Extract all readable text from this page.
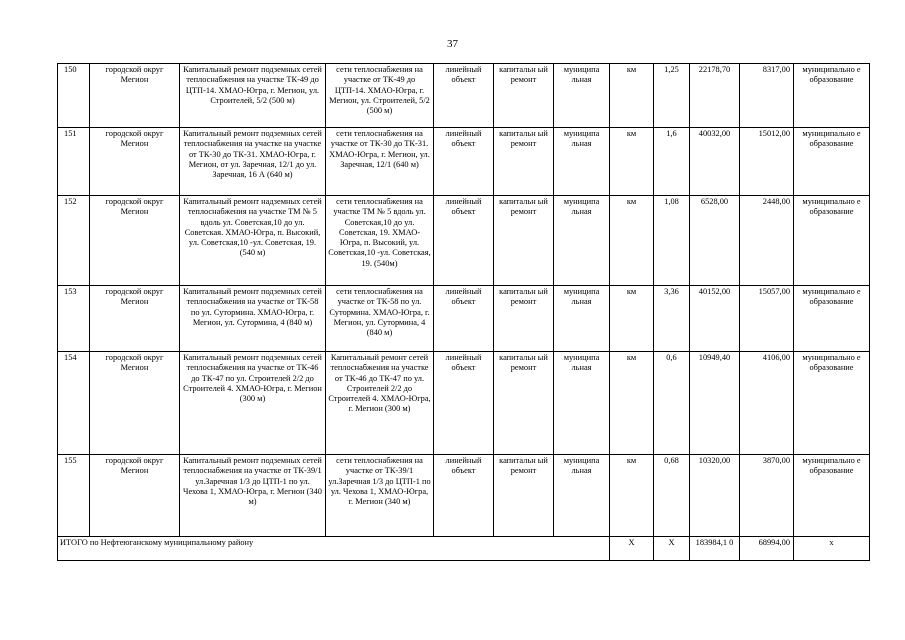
37
150	городской округ Мегион	Капитальный ремонт подземных сетей теплоснабжения на участке ТК-49 до ЦТП-14. ХМАО-Югра, г. Мегион, ул. Строителей, 5/2 (500 м)	сети теплоснабжения на участке от ТК-49 до ЦТП-14. ХМАО-Югра, г. Мегион, ул. Строителей, 5/2 (500 м)	линейный объект	капитальн ый ремонт	муниципа льная	км	1,25	22178,70	8317,00	муниципально е образование
151	городской округ Мегион	Капитальный ремонт подземных сетей теплоснабжения на участке на участке от ТК-30 до ТК-31. ХМАО-Югра, г. Мегион, от ул. Заречная, 12/1 до ул. Заречная, 16 А (640 м)	сети теплоснабжения на участке от ТК-30 до ТК-31. ХМАО-Югра, г. Мегион, ул. Заречная, 12/1 (640 м)	линейный объект	капитальн ый ремонт	муниципа льная	км	1,6	40032,00	15012,00	муниципально е образование
152	городской округ Мегион	Капитальный ремонт надземных сетей теплоснабжения на участке ТМ № 5 вдоль ул. Советская,10 до ул. Советская. ХМАО-Югра, п. Высокий, ул. Советская,10 -ул. Советская, 19. (540 м)	сети теплоснабжения на участке ТМ № 5 вдоль ул. Советская,10 до ул. Советская, 19. ХМАО-Югра, п. Высокий, ул. Советская,10 -ул. Советская, 19. (540м)	линейный объект	капитальн ый ремонт	муниципа льная	км	1,08	6528,00	2448,00	муниципально е образование
153	городской округ Мегион	Капитальный ремонт подземных сетей теплоснабжения на участке от ТК-58 по ул. Сутормина. ХМАО-Югра, г. Мегион, ул. Сутормина, 4 (840 м)	сети теплоснабжения на участке от ТК-58 по ул. Сутормина. ХМАО-Югра, г. Мегион, ул. Сутормина, 4 (840 м)	линейный объект	капитальн ый ремонт	муниципа льная	км	3,36	40152,00	15057,00	муниципально е образование
154	городской округ Мегион	Капитальный ремонт подземных сетей теплоснабжения на участке от ТК-46 до ТК-47 по ул. Строителей 2/2 до Строителей 4. ХМАО-Югра, г. Мегион (300 м)	Капитальный ремонт сетей теплоснабжения на участке от ТК-46 до ТК-47 по ул. Строителей 2/2 до Строителей 4. ХМАО-Югра, г. Мегион (300 м)	линейный объект	капитальн ый ремонт	муниципа льная	км	0,6	10949,40	4106,00	муниципально е образование
155	городской округ Мегион	Капитальный ремонт подземных сетей теплоснабжения на участке от ТК-39/1 ул.Заречная 1/3 до ЦТП-1 по ул. Чехова 1, ХМАО-Югра, г. Мегион (340 м)	сети теплоснабжения на участке от ТК-39/1 ул.Заречная 1/3 до ЦТП-1 по ул. Чехова 1, ХМАО-Югра, г. Мегион (340 м)	линейный объект	капитальн ый ремонт	муниципа льная	км	0,68	10320,00	3870,00	муниципально е образование
ИТОГО по Нефтеюганскому муниципальному району							Х	Х	183984,1 0	68994,00	х
